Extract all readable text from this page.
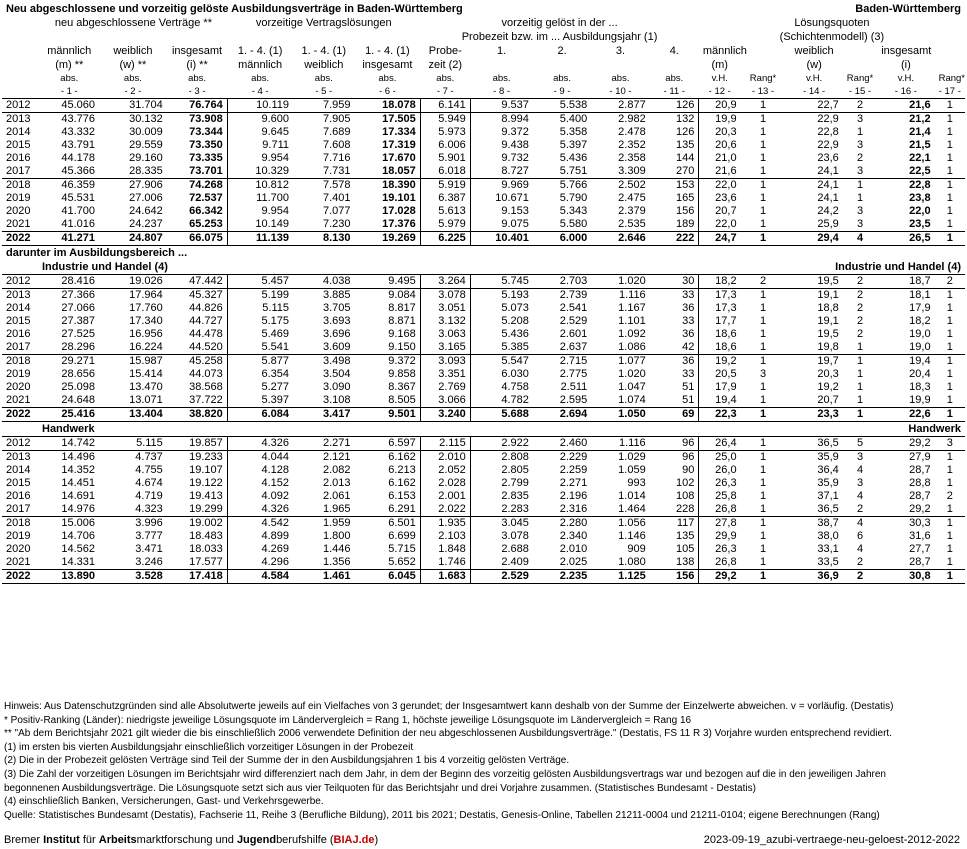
Neu abgeschlossene und vorzeitig gelöste Ausbildungsverträge in Baden-Württemberg												Baden-Württemberg					
	neu abgeschlossene Verträge **			vorzeitige Vertragslösungen			vorzeitig gelöst in der ...					Lösungsquoten					
							Probezeit bzw. im ... Ausbildungsjahr (1)					(Schichtenmodell) (3)					
	männlich	weiblich	insgesamt	1. - 4. (1)	1. - 4. (1)	1. - 4. (1)	Probe-	1.	2.	3.	4.	männlich		weiblich		insgesamt	
	(m) **	(w) **	(i) **	männlich	weiblich	insgesamt	zeit (2)					(m)		(w)		(i)	
	abs.	abs.	abs.	abs.	abs.	abs.	abs.	abs.	abs.	abs.	abs.	v.H.	Rang*	v.H.	Rang*	v.H.	Rang*
	- 1 -	- 2 -	- 3 -	- 4 -	- 5 -	- 6 -	- 7 -	- 8 -	- 9 -	- 10 -	- 11 -	- 12 -	- 13 -	- 14 -	- 15 -	- 16 -	- 17 -
2012	45.060	31.704	76.764	10.119	7.959	18.078	6.141	9.537	5.538	2.877	126	20,9	1	22,7	2	21,6	1
2013	43.776	30.132	73.908	9.600	7.905	17.505	5.949	8.994	5.400	2.982	132	19,9	1	22,9	3	21,2	1
2014	43.332	30.009	73.344	9.645	7.689	17.334	5.973	9.372	5.358	2.478	126	20,3	1	22,8	1	21,4	1
2015	43.791	29.559	73.350	9.711	7.608	17.319	6.006	9.438	5.397	2.352	135	20,6	1	22,9	3	21,5	1
2016	44.178	29.160	73.335	9.954	7.716	17.670	5.901	9.732	5.436	2.358	144	21,0	1	23,6	2	22,1	1
2017	45.366	28.335	73.701	10.329	7.731	18.057	6.018	8.727	5.751	3.309	270	21,6	1	24,1	3	22,5	1
2018	46.359	27.906	74.268	10.812	7.578	18.390	5.919	9.969	5.766	2.502	153	22,0	1	24,1	1	22,8	1
2019	45.531	27.006	72.537	11.700	7.401	19.101	6.387	10.671	5.790	2.475	165	23,6	1	24,1	1	23,8	1
2020	41.700	24.642	66.342	9.954	7.077	17.028	5.613	9.153	5.343	2.379	156	20,7	1	24,2	3	22,0	1
2021	41.016	24.237	65.253	10.149	7.230	17.376	5.979	9.075	5.580	2.535	189	22,0	1	25,9	3	23,5	1
2022	41.271	24.807	66.075	11.139	8.130	19.269	6.225	10.401	6.000	2.646	222	24,7	1	29,4	4	26,5	1
darunter im Ausbildungsbereich ...																	
Industrie und Handel (4)												Industrie und Handel (4)					
2012	28.416	19.026	47.442	5.457	4.038	9.495	3.264	5.745	2.703	1.020	30	18,2	2	19,5	2	18,7	2
2013	27.366	17.964	45.327	5.199	3.885	9.084	3.078	5.193	2.739	1.116	33	17,3	1	19,1	2	18,1	1
2014	27.066	17.760	44.826	5.115	3.705	8.817	3.051	5.073	2.541	1.167	36	17,3	1	18,8	2	17,9	1
2015	27.387	17.340	44.727	5.175	3.693	8.871	3.132	5.208	2.529	1.101	33	17,7	1	19,1	2	18,2	1
2016	27.525	16.956	44.478	5.469	3.696	9.168	3.063	5.436	2.601	1.092	36	18,6	1	19,5	2	19,0	1
2017	28.296	16.224	44.520	5.541	3.609	9.150	3.165	5.385	2.637	1.086	42	18,6	1	19,8	1	19,0	1
2018	29.271	15.987	45.258	5.877	3.498	9.372	3.093	5.547	2.715	1.077	36	19,2	1	19,7	1	19,4	1
2019	28.656	15.414	44.073	6.354	3.504	9.858	3.351	6.030	2.775	1.020	33	20,5	3	20,3	1	20,4	1
2020	25.098	13.470	38.568	5.277	3.090	8.367	2.769	4.758	2.511	1.047	51	17,9	1	19,2	1	18,3	1
2021	24.648	13.071	37.722	5.397	3.108	8.505	3.066	4.782	2.595	1.074	51	19,4	1	20,7	1	19,9	1
2022	25.416	13.404	38.820	6.084	3.417	9.501	3.240	5.688	2.694	1.050	69	22,3	1	23,3	1	22,6	1
Handwerk												Handwerk					
2012	14.742	5.115	19.857	4.326	2.271	6.597	2.115	2.922	2.460	1.116	96	26,4	1	36,5	5	29,2	3
2013	14.496	4.737	19.233	4.044	2.121	6.162	2.010	2.808	2.229	1.029	96	25,0	1	35,9	3	27,9	1
2014	14.352	4.755	19.107	4.128	2.082	6.213	2.052	2.805	2.259	1.059	90	26,0	1	36,4	4	28,7	1
2015	14.451	4.674	19.122	4.152	2.013	6.162	2.028	2.799	2.271	993	102	26,3	1	35,9	3	28,8	1
2016	14.691	4.719	19.413	4.092	2.061	6.153	2.001	2.835	2.196	1.014	108	25,8	1	37,1	4	28,7	2
2017	14.976	4.323	19.299	4.326	1.965	6.291	2.022	2.283	2.316	1.464	228	26,8	1	36,5	2	29,2	1
2018	15.006	3.996	19.002	4.542	1.959	6.501	1.935	3.045	2.280	1.056	117	27,8	1	38,7	4	30,3	1
2019	14.706	3.777	18.483	4.899	1.800	6.699	2.103	3.078	2.340	1.146	135	29,9	1	38,0	6	31,6	1
2020	14.562	3.471	18.033	4.269	1.446	5.715	1.848	2.688	2.010	909	105	26,3	1	33,1	4	27,7	1
2021	14.331	3.246	17.577	4.296	1.356	5.652	1.746	2.409	2.025	1.080	138	26,8	1	33,5	2	28,7	1
2022	13.890	3.528	17.418	4.584	1.461	6.045	1.683	2.529	2.235	1.125	156	29,2	1	36,9	2	30,8	1
Hinweis: Aus Datenschutzgründen sind alle Absolutwerte jeweils auf ein Vielfaches von 3 gerundet; der Insgesamtwert kann deshalb von der Summe der Einzelwerte abweichen. v = vorläufig. (Destatis)
* Positiv-Ranking (Länder): niedrigste jeweilige Lösungsquote im Ländervergleich = Rang 1, höchste jeweilige Lösungsquote im Ländervergleich = Rang 16
** "Ab dem Berichtsjahr 2021 gilt wieder die bis einschließlich 2006 verwendete Definition der neu abgeschlossenen Ausbildungsverträge." (Destatis, FS 11 R 3) Vorjahre wurden entsprechend revidiert.
(1) im ersten bis vierten Ausbildungsjahr einschließlich vorzeitiger Lösungen in der Probezeit
(2) Die in der Probezeit gelösten Verträge sind Teil der Summe der in den Ausbildungsjahren 1 bis 4 vorzeitig gelösten Verträge.
(3) Die Zahl der vorzeitigen Lösungen im Berichtsjahr wird differenziert nach dem Jahr, in dem der Beginn des vorzeitig gelösten Ausbildungsvertrags war und bezogen auf die in den jeweiligen Jahren
begonnenen Ausbildungsverträge. Die Lösungsquote setzt sich aus vier Teilquoten für das Berichtsjahr und drei Vorjahre zusammen. (Statistisches Bundesamt - Destatis)
(4) einschließlich Banken, Versicherungen, Gast- und Verkehrsgewerbe.
Quelle: Statistisches Bundesamt (Destatis), Fachserie 11, Reihe 3 (Berufliche Bildung), 2011 bis 2021; Destatis, Genesis-Online, Tabellen 21211-0004 und 21211-0104; eigene Berechnungen (Rang)
Bremer Institut für Arbeitsmarktforschung und Jugendberufshilfe (BIAJ.de)	2023-09-19_azubi-vertraege-neu-geloest-2012-2022
